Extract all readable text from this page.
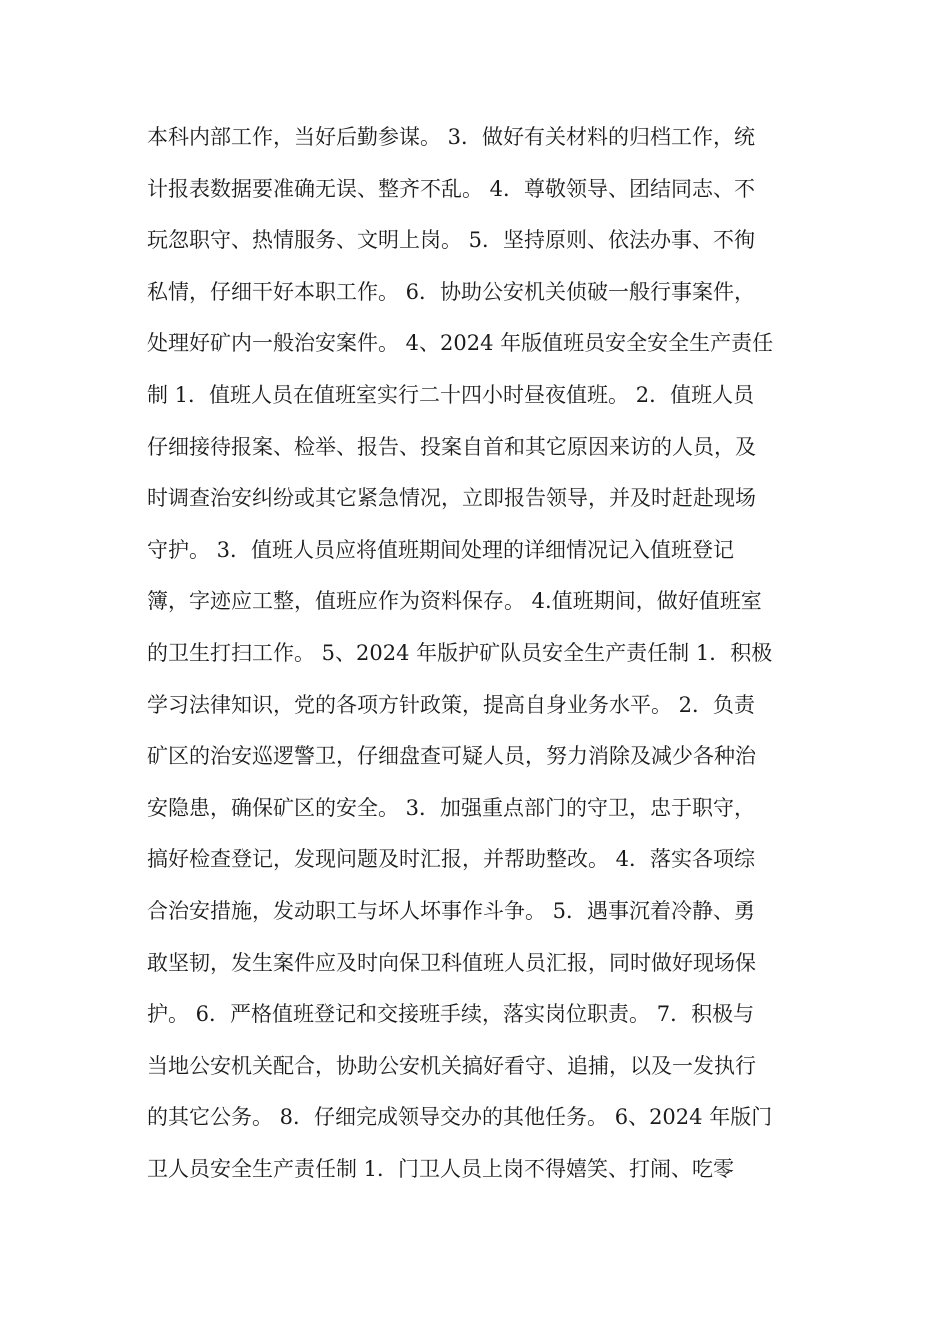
本科内部工作，当好后勤参谋。 3．做好有关材料的归档工作，统
计报表数据要准确无误、整齐不乱。 4．尊敬领导、团结同志、不
玩忽职守、热情服务、文明上岗。 5．坚持原则、依法办事、不徇
私情，仔细干好本职工作。 6．协助公安机关侦破一般行事案件，
处理好矿内一般治安案件。 4、2024 年版值班员安全安全生产责任
制 1．值班人员在值班室实行二十四小时昼夜值班。 2．值班人员
仔细接待报案、检举、报告、投案自首和其它原因来访的人员，及
时调查治安纠纷或其它紧急情况，立即报告领导，并及时赶赴现场
守护。 3．值班人员应将值班期间处理的详细情况记入值班登记
簿，字迹应工整，值班应作为资料保存。 4.值班期间，做好值班室
的卫生打扫工作。 5、2024 年版护矿队员安全生产责任制 1．积极
学习法律知识，党的各项方针政策，提高自身业务水平。 2．负责
矿区的治安巡逻警卫，仔细盘查可疑人员，努力消除及减少各种治
安隐患，确保矿区的安全。 3．加强重点部门的守卫，忠于职守，
搞好检查登记，发现问题及时汇报，并帮助整改。 4．落实各项综
合治安措施，发动职工与坏人坏事作斗争。 5．遇事沉着冷静、勇
敢坚韧，发生案件应及时向保卫科值班人员汇报，同时做好现场保
护。 6．严格值班登记和交接班手续，落实岗位职责。 7．积极与
当地公安机关配合，协助公安机关搞好看守、追捕，以及一发执行
的其它公务。 8．仔细完成领导交办的其他任务。 6、2024 年版门
卫人员安全生产责任制 1．门卫人员上岗不得嬉笑、打闹、吃零
